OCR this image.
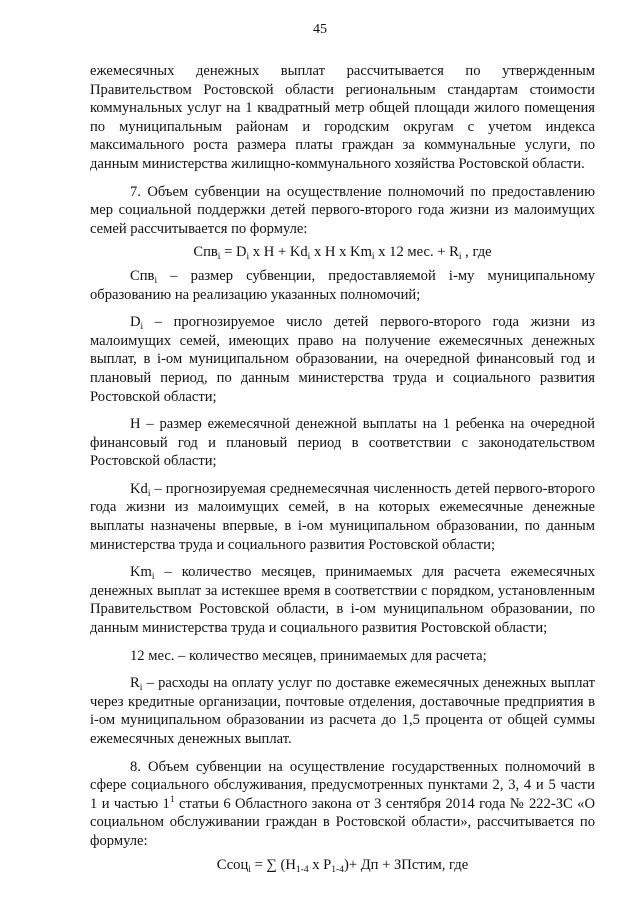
45

ежемесячных денежных выплат рассчитывается по утвержденным Правительством Ростовской области региональным стандартам стоимости коммунальных услуг на 1 квадратный метр общей площади жилого помещения по муниципальным районам и городским округам с учетом индекса максимального роста размера платы граждан за коммунальные услуги, по данным министерства жилищно-коммунального хозяйства Ростовской области.

7. Объем субвенции на осуществление полномочий по предоставлению мер социальной поддержки детей первого-второго года жизни из малоимущих семей рассчитывается по формуле:

$Спв_i = D_i$ х $Н + Kd_i$ х Н х $Km_i$ х 12 мес. + $R_i$ , где

Спв$_i$ – размер субвенции, предоставляемой i-му муниципальному образованию на реализацию указанных полномочий;

$D_i$ – прогнозируемое число детей первого-второго года жизни из малоимущих семей, имеющих право на получение ежемесячных денежных выплат, в i-ом муниципальном образовании, на очередной финансовый год и плановый период, по данным министерства труда и социального развития Ростовской области;

Н – размер ежемесячной денежной выплаты на 1 ребенка на очередной финансовый год и плановый период в соответствии с законодательством Ростовской области;

$Kd_i$ – прогнозируемая среднемесячная численность детей первого-второго года жизни из малоимущих семей, в на которых ежемесячные денежные выплаты назначены впервые, в i-ом муниципальном образовании, по данным министерства труда и социального развития Ростовской области;

$Km_i$ – количество месяцев, принимаемых для расчета ежемесячных денежных выплат за истекшее время в соответствии с порядком, установленным Правительством Ростовской области, в i-ом муниципальном образовании, по данным министерства труда и социального развития Ростовской области;

12 мес. – количество месяцев, принимаемых для расчета;

$R_i$ – расходы на оплату услуг по доставке ежемесячных денежных выплат через кредитные организации, почтовые отделения, доставочные предприятия в i-ом муниципальном образовании из расчета до 1,5 процента от общей суммы ежемесячных денежных выплат.

8. Объем субвенции на осуществление государственных полномочий в сфере социального обслуживания, предусмотренных пунктами 2, 3, 4 и 5 части 1 и частью $1^1$ статьи 6 Областного закона от 3 сентября 2014 года № 222-ЗС «О социальном обслуживании граждан в Ростовской области», рассчитывается по формуле:

Ссоц$_i$ = ∑ ($Н_{1-4}$ х $Р_{1-4})+$ Дп + ЗПстим, где
